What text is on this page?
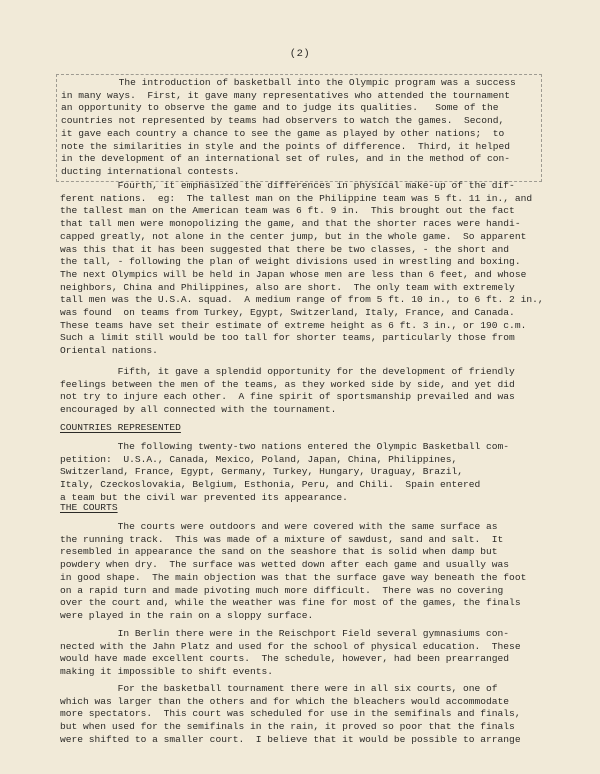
(2)
The introduction of basketball into the Olympic program was a success
in many ways.  First, it gave many representatives who attended the tournament
an opportunity to observe the game and to judge its qualities.   Some of the
countries not represented by teams had observers to watch the games.  Second,
it gave each country a chance to see the game as played by other nations;  to
note the similarities in style and the points of difference.  Third, it helped
in the development of an international set of rules, and in the method of con-
ducting international contests.
Fourth, it emphasized the differences in physical make-up of the dif-
ferent nations.  eg:  The tallest man on the Philippine team was 5 ft. 11 in., and
the tallest man on the American team was 6 ft. 9 in.  This brought out the fact
that tall men were monopolizing the game, and that the shorter races were handi-
capped greatly, not alone in the center jump, but in the whole game.  So apparent
was this that it has been suggested that there be two classes, - the short and
the tall, - following the plan of weight divisions used in wrestling and boxing.
The next Olympics will be held in Japan whose men are less than 6 feet, and whose
neighbors, China and Philippines, also are short.  The only team with extremely
tall men was the U.S.A. squad.  A medium range of from 5 ft. 10 in., to 6 ft. 2 in.,
was found  on teams from Turkey, Egypt, Switzerland, Italy, France, and Canada.
These teams have set their estimate of extreme height as 6 ft. 3 in., or 190 c.m.
Such a limit still would be too tall for shorter teams, particularly those from
Oriental nations.
Fifth, it gave a splendid opportunity for the development of friendly
feelings between the men of the teams, as they worked side by side, and yet did
not try to injure each other.  A fine spirit of sportsmanship prevailed and was
encouraged by all connected with the tournament.
COUNTRIES REPRESENTED
The following twenty-two nations entered the Olympic Basketball com-
petition:  U.S.A., Canada, Mexico, Poland, Japan, China, Philippines,
Switzerland, France, Egypt, Germany, Turkey, Hungary, Uraguay, Brazil,
Italy, Czeckoslovakia, Belgium, Esthonia, Peru, and Chili.  Spain entered
a team but the civil war prevented its appearance.
THE COURTS
The courts were outdoors and were covered with the same surface as
the running track.  This was made of a mixture of sawdust, sand and salt.  It
resembled in appearance the sand on the seashore that is solid when damp but
powdery when dry.  The surface was wetted down after each game and usually was
in good shape.  The main objection was that the surface gave way beneath the foot
on a rapid turn and made pivoting much more difficult.  There was no covering
over the court and, while the weather was fine for most of the games, the finals
were played in the rain on a sloppy surface.
In Berlin there were in the Reischport Field several gymnasiums con-
nected with the Jahn Platz and used for the school of physical education.  These
would have made excellent courts.  The schedule, however, had been prearranged
making it impossible to shift events.
For the basketball tournament there were in all six courts, one of
which was larger than the others and for which the bleachers would accommodate
more spectators.  This court was scheduled for use in the semifinals and finals,
but when used for the semifinals in the rain, it proved so poor that the finals
were shifted to a smaller court.  I believe that it would be possible to arrange
